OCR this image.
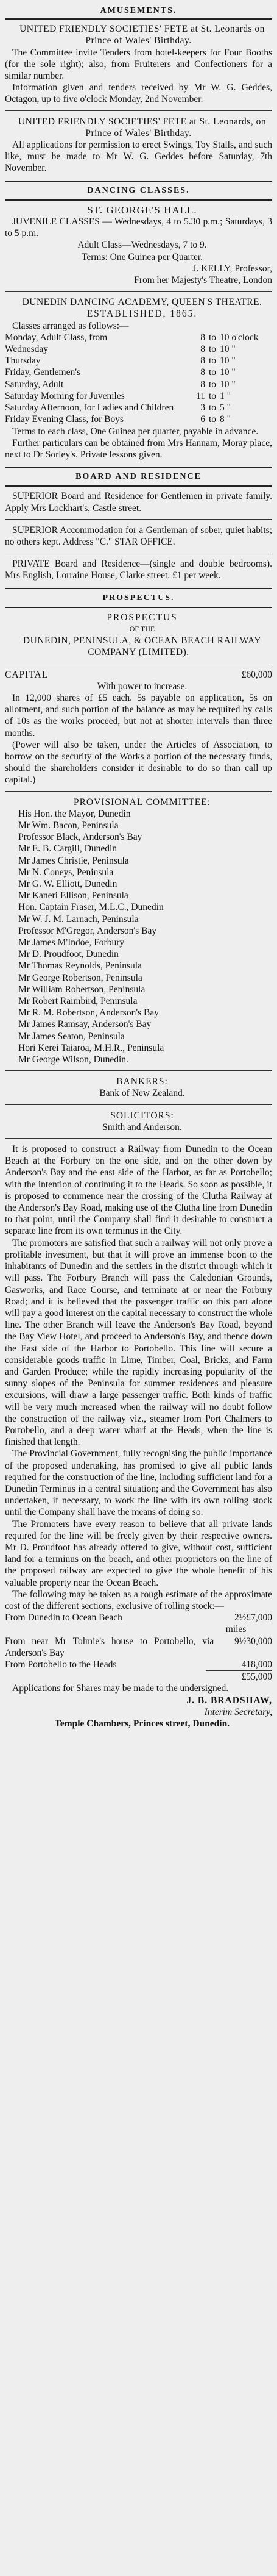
AMUSEMENTS.

UNITED FRIENDLY SOCIETIES' FETE at St. Leonards on Prince of Wales' Birthday.

The Committee invite Tenders from hotel-keepers for Four Booths (for the sole right); also, from Fruiterers and Confectioners for a similar number.

Information given and tenders received by Mr W. G. Geddes, Octagon, up to five o'clock Monday, 2nd November.

UNITED FRIENDLY SOCIETIES' FETE at St. Leonards, on Prince of Wales' Birthday.

All applications for permission to erect Swings, Toy Stalls, and such like, must be made to Mr W. G. Geddes before Saturday, 7th November.

DANCING CLASSES.

ST. GEORGE'S HALL.

JUVENILE CLASSES — Wednesdays, 4 to 5.30 p.m.; Saturdays, 3 to 5 p.m.

Adult Class—Wednesdays, 7 to 9.

Terms: One Guinea per Quarter.

J. KELLY, Professor,

From her Majesty's Theatre, London

DUNEDIN DANCING ACADEMY, QUEEN'S THEATRE.

ESTABLISHED, 1865.

Classes arranged as follows:—

Monday, Adult Class, from	8	to	10 o'clock
Wednesday	8	to	10 "
Thursday	8	to	10 "
Friday, Gentlemen's	8	to	10 "
Saturday, Adult	8	to	10 "
Saturday Morning for Juveniles	11	to	1 "
Saturday Afternoon, for Ladies and Children	3	to	5 "
Friday Evening Class, for Boys	6	to	8 "

Terms to each class, One Guinea per quarter, payable in advance.

Further particulars can be obtained from Mrs Hannam, Moray place, next to Dr Sorley's. Private lessons given.

BOARD AND RESIDENCE

SUPERIOR Board and Residence for Gentlemen in private family. Apply Mrs Lockhart's, Castle street.

SUPERIOR Accommodation for a Gentleman of sober, quiet habits; no others kept. Address "C." STAR OFFICE.

PRIVATE Board and Residence—(single and double bedrooms). Mrs English, Lorraine House, Clarke street. £1 per week.

PROSPECTUS.

PROSPECTUS

OF THE

DUNEDIN, PENINSULA, & OCEAN BEACH RAILWAY COMPANY (LIMITED).

CAPITAL	£60,000

With power to increase.

In 12,000 shares of £5 each. 5s payable on application, 5s on allotment, and such portion of the balance as may be required by calls of 10s as the works proceed, but not at shorter intervals than three months.

(Power will also be taken, under the Articles of Association, to borrow on the security of the Works a portion of the necessary funds, should the shareholders consider it desirable to do so than call up capital.)

PROVISIONAL COMMITTEE:

His Hon. the Mayor, Dunedin

Mr Wm. Bacon, Peninsula

Professor Black, Anderson's Bay

Mr E. B. Cargill, Dunedin

Mr James Christie, Peninsula

Mr N. Coneys, Peninsula

Mr G. W. Elliott, Dunedin

Mr Kaneri Ellison, Peninsula

Hon. Captain Fraser, M.L.C., Dunedin

Mr W. J. M. Larnach, Peninsula

Professor M'Gregor, Anderson's Bay

Mr James M'Indoe, Forbury

Mr D. Proudfoot, Dunedin

Mr Thomas Reynolds, Peninsula

Mr George Robertson, Peninsula

Mr William Robertson, Peninsula

Mr Robert Raimbird, Peninsula

Mr R. M. Robertson, Anderson's Bay

Mr James Ramsay, Anderson's Bay

Mr James Seaton, Peninsula

Hori Kerei Taiaroa, M.H.R., Peninsula

Mr George Wilson, Dunedin.

BANKERS:

Bank of New Zealand.

SOLICITORS:

Smith and Anderson.

It is proposed to construct a Railway from Dunedin to the Ocean Beach at the Forbury on the one side, and on the other down by Anderson's Bay and the east side of the Harbor, as far as Portobello; with the intention of continuing it to the Heads. So soon as possible, it is proposed to commence near the crossing of the Clutha Railway at the Anderson's Bay Road, making use of the Clutha line from Dunedin to that point, until the Company shall find it desirable to construct a separate line from its own terminus in the City.

The promoters are satisfied that such a railway will not only prove a profitable investment, but that it will prove an immense boon to the inhabitants of Dunedin and the settlers in the district through which it will pass. The Forbury Branch will pass the Caledonian Grounds, Gasworks, and Race Course, and terminate at or near the Forbury Road; and it is believed that the passenger traffic on this part alone will pay a good interest on the capital necessary to construct the whole line. The other Branch will leave the Anderson's Bay Road, beyond the Bay View Hotel, and proceed to Anderson's Bay, and thence down the East side of the Harbor to Portobello. This line will secure a considerable goods traffic in Lime, Timber, Coal, Bricks, and Farm and Garden Produce; while the rapidly increasing popularity of the sunny slopes of the Peninsula for summer residences and pleasure excursions, will draw a large passenger traffic. Both kinds of traffic will be very much increased when the railway will no doubt follow the construction of the railway viz., steamer from Port Chalmers to Portobello, and a deep water wharf at the Heads, when the line is finished that length.

The Provincial Government, fully recognising the public importance of the proposed undertaking, has promised to give all public lands required for the construction of the line, including sufficient land for a Dunedin Terminus in a central situation; and the Government has also undertaken, if necessary, to work the line with its own rolling stock until the Company shall have the means of doing so.

The Promoters have every reason to believe that all private lands required for the line will be freely given by their respective owners. Mr D. Proudfoot has already offered to give, without cost, sufficient land for a terminus on the beach, and other proprietors on the line of the proposed railway are expected to give the whole benefit of his valuable property near the Ocean Beach.

The following may be taken as a rough estimate of the approximate cost of the different sections, exclusive of rolling stock:—

From Dunedin to Ocean Beach	2½ miles	£7,000
From near Mr Tolmie's house to Portobello, via Anderson's Bay	9½	30,000
From Portobello to the Heads	4	18,000

£55,000

Applications for Shares may be made to the undersigned.

J. B. BRADSHAW,

Interim Secretary,

Temple Chambers, Princes street, Dunedin.
